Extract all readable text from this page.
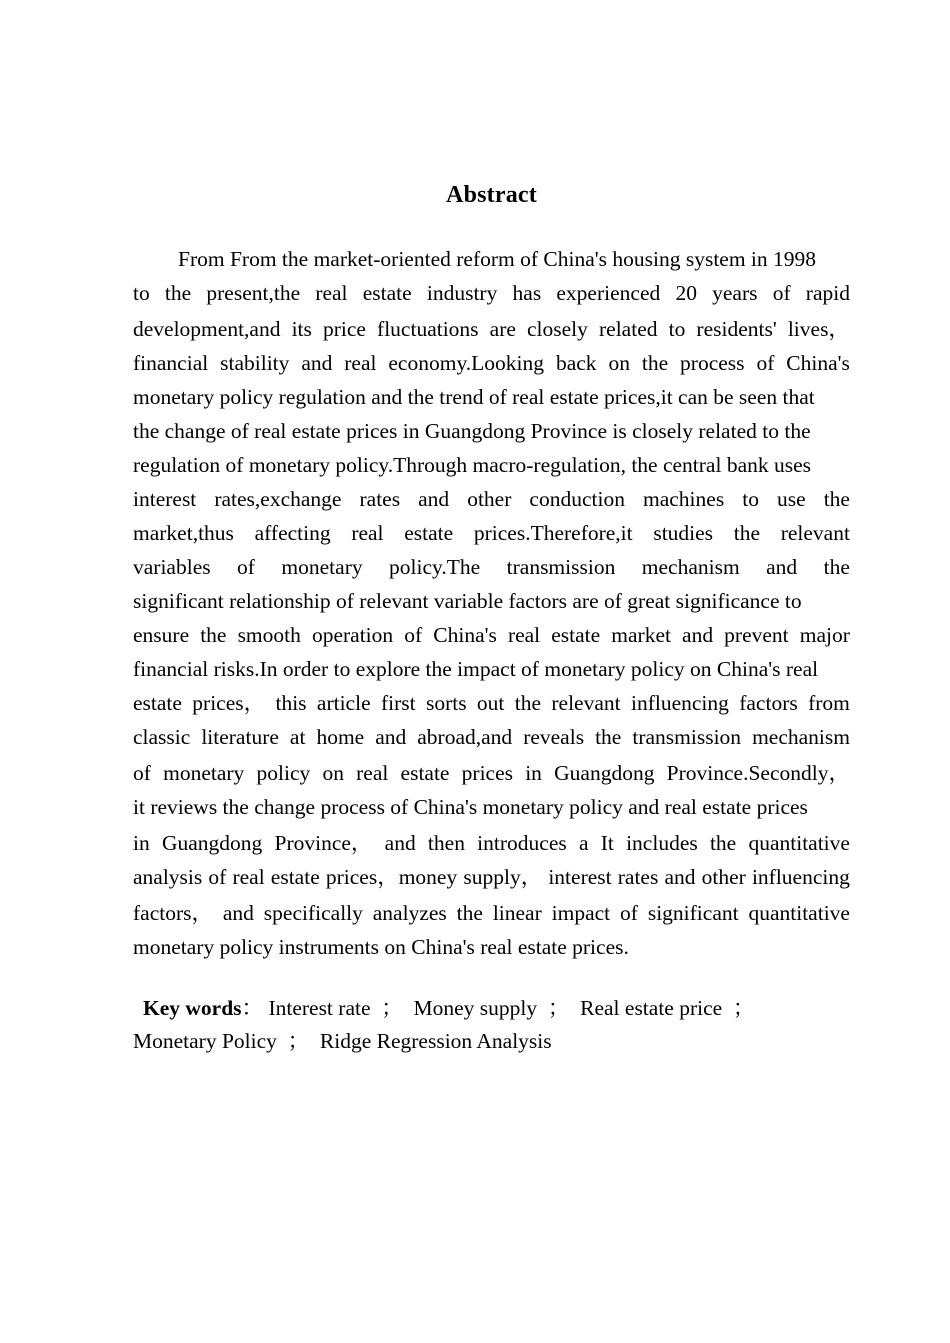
Abstract
From From the market-oriented reform of China's housing system in 1998
to the present,the real estate industry has experienced 20 years of rapid
development,and its price fluctuations are closely related to residents' lives，
financial stability and real economy.Looking back on the process of China's
monetary policy regulation and the trend of real estate prices,it can be seen that
the change of real estate prices in Guangdong Province is closely related to the
regulation of monetary policy.Through macro-regulation, the central bank uses
interest rates,exchange rates and other conduction machines to use the
market,thus affecting real estate prices.Therefore,it studies the relevant
variables of monetary policy.The transmission mechanism and the
significant relationship of relevant variable factors are of great significance to
ensure the smooth operation of China's real estate market and prevent major
financial risks.In order to explore the impact of monetary policy on China's real
estate prices， this article first sorts out the relevant influencing factors from
classic literature at home and abroad,and reveals the transmission mechanism
of monetary policy on real estate prices in Guangdong Province.Secondly，
it reviews the change process of China's monetary policy and real estate prices
in Guangdong Province， and then introduces a It includes the quantitative
analysis of real estate prices，money supply， interest rates and other influencing
factors， and specifically analyzes the linear impact of significant quantitative
monetary policy instruments on China's real estate prices.
Key words： Interest rate  ；  Money supply  ；  Real estate price  ；
Monetary Policy  ；  Ridge Regression Analysis
